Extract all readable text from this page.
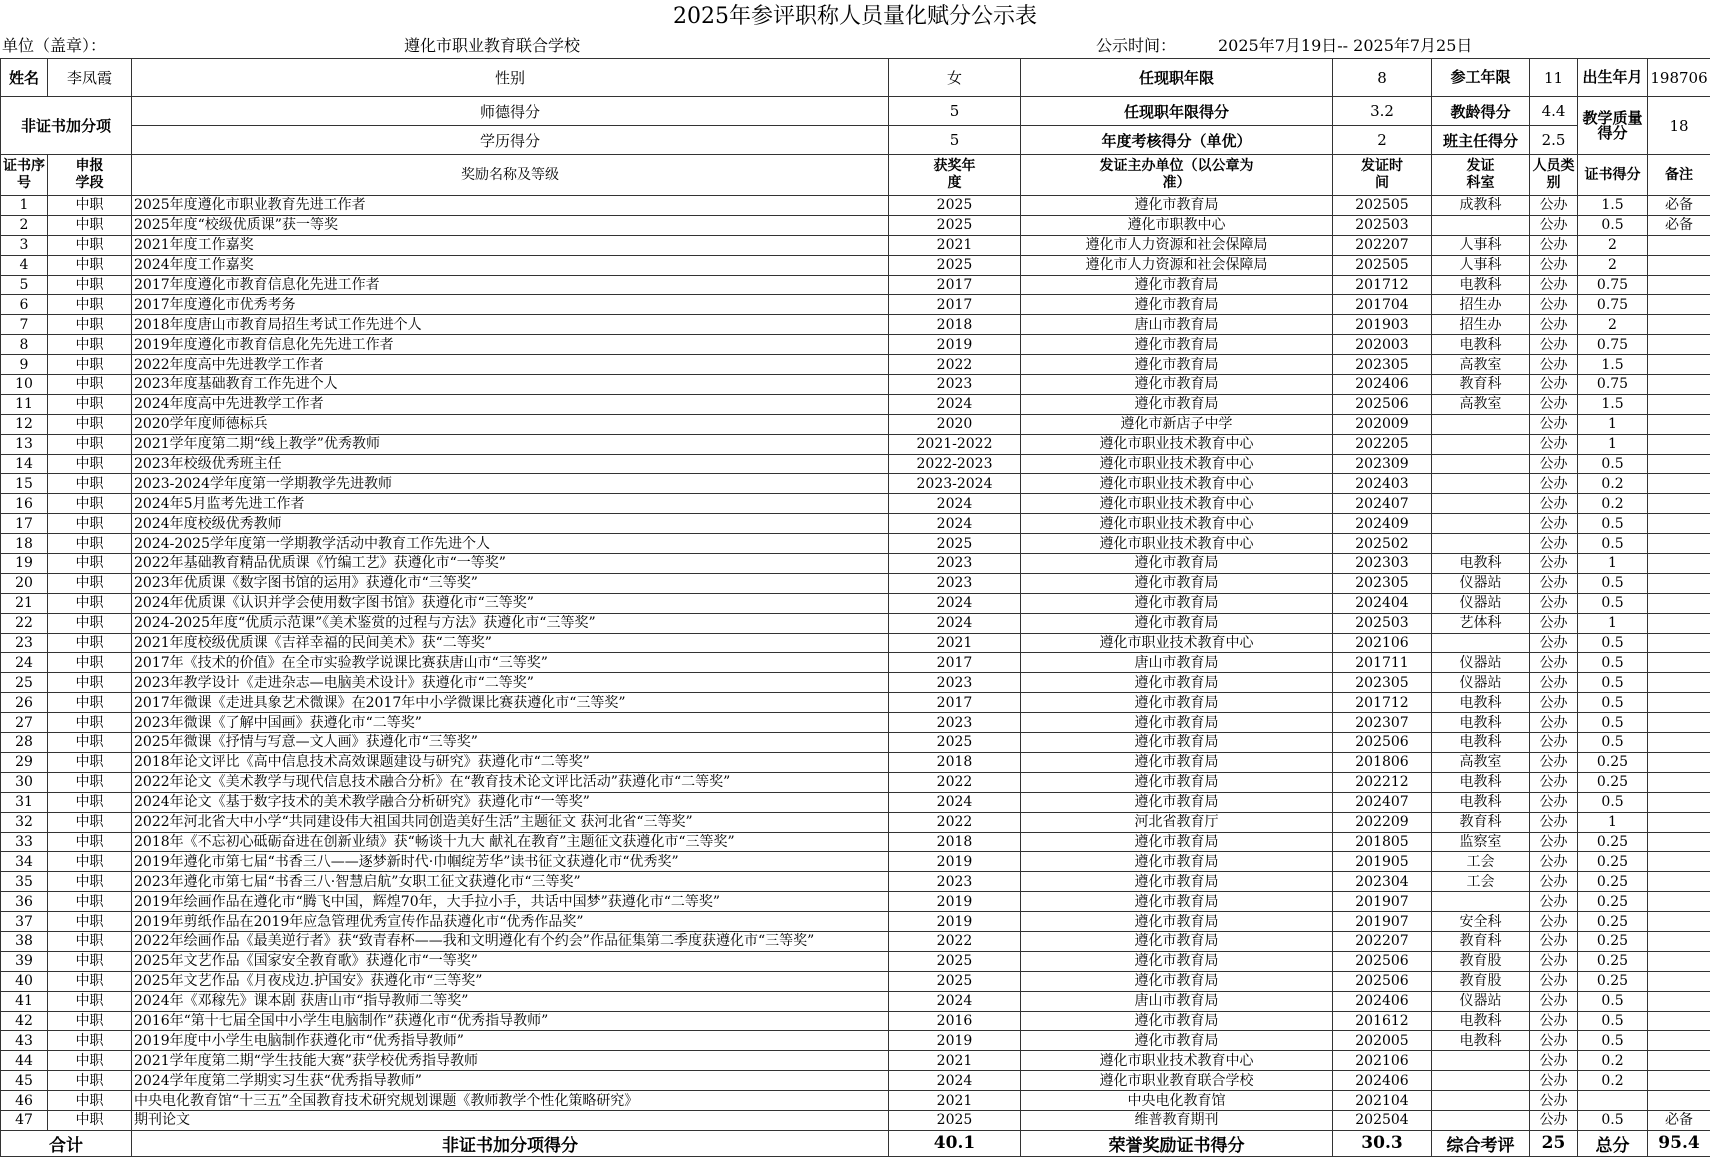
2025年参评职称人员量化赋分公示表
单位（盖章）：	遵化市职业教育联合学校	公示时间：	2025年7月19日-- 2025年7月25日
姓名	李凤霞	性别	女	任现职年限	8	参工年限	11	出生年月	198706
非证书加分项		师德得分	5	任现职年限得分	3.2	教龄得分	4.4	教学质量得分	18
		学历得分	5	年度考核得分（单优）	2	班主任得分	2.5		
证书序号	申报学段	奖励名称及等级	获奖年度	发证主办单位（以公章为准）	发证时间	发证科室	人员类别	证书得分	备注
1	中职	2025年度遵化市职业教育先进工作者	2025	遵化市教育局	202505	成教科	公办	1.5	必备
2	中职	2025年度“校级优质课”获一等奖	2025	遵化市职教中心	202503		公办	0.5	必备
3	中职	2021年度工作嘉奖	2021	遵化市人力资源和社会保障局	202207	人事科	公办	2	
4	中职	2024年度工作嘉奖	2025	遵化市人力资源和社会保障局	202505	人事科	公办	2	
5	中职	2017年度遵化市教育信息化先进工作者	2017	遵化市教育局	201712	电教科	公办	0.75	
6	中职	2017年度遵化市优秀考务	2017	遵化市教育局	201704	招生办	公办	0.75	
7	中职	2018年度唐山市教育局招生考试工作先进个人	2018	唐山市教育局	201903	招生办	公办	2	
8	中职	2019年度遵化市教育信息化先先进工作者	2019	遵化市教育局	202003	电教科	公办	0.75	
9	中职	2022年度高中先进教学工作者	2022	遵化市教育局	202305	高教室	公办	1.5	
10	中职	2023年度基础教育工作先进个人	2023	遵化市教育局	202406	教育科	公办	0.75	
11	中职	2024年度高中先进教学工作者	2024	遵化市教育局	202506	高教室	公办	1.5	
12	中职	2020学年度师德标兵	2020	遵化市新店子中学	202009		公办	1	
13	中职	2021学年度第二期“线上教学”优秀教师	2021-2022	遵化市职业技术教育中心	202205		公办	1	
14	中职	2023年校级优秀班主任	2022-2023	遵化市职业技术教育中心	202309		公办	0.5	
15	中职	2023-2024学年度第一学期教学先进教师	2023-2024	遵化市职业技术教育中心	202403		公办	0.2	
16	中职	2024年5月监考先进工作者	2024	遵化市职业技术教育中心	202407		公办	0.2	
17	中职	2024年度校级优秀教师	2024	遵化市职业技术教育中心	202409		公办	0.5	
18	中职	2024-2025学年度第一学期教学活动中教育工作先进个人	2025	遵化市职业技术教育中心	202502		公办	0.5	
19	中职	2022年基础教育精品优质课《竹编工艺》获遵化市“一等奖”	2023	遵化市教育局	202303	电教科	公办	1	
20	中职	2023年优质课《数字图书馆的运用》获遵化市“三等奖”	2023	遵化市教育局	202305	仪器站	公办	0.5	
21	中职	2024年优质课《认识并学会使用数字图书馆》获遵化市“三等奖”	2024	遵化市教育局	202404	仪器站	公办	0.5	
22	中职	2024-2025年度“优质示范课”《美术鉴赏的过程与方法》获遵化市“三等奖”	2024	遵化市教育局	202503	艺体科	公办	1	
23	中职	2021年度校级优质课《吉祥幸福的民间美术》获“二等奖”	2021	遵化市职业技术教育中心	202106		公办	0.5	
24	中职	2017年《技术的价值》在全市实验教学说课比赛获唐山市“三等奖”	2017	唐山市教育局	201711	仪器站	公办	0.5	
25	中职	2023年教学设计《走进杂志—电脑美术设计》获遵化市“二等奖”	2023	遵化市教育局	202305	仪器站	公办	0.5	
26	中职	2017年微课《走进具象艺术微课》在2017年中小学微课比赛获遵化市“三等奖”	2017	遵化市教育局	201712	电教科	公办	0.5	
27	中职	2023年微课《了解中国画》获遵化市“二等奖”	2023	遵化市教育局	202307	电教科	公办	0.5	
28	中职	2025年微课《抒情与写意—文人画》获遵化市“三等奖”	2025	遵化市教育局	202506	电教科	公办	0.5	
29	中职	2018年论文评比《高中信息技术高效课题建设与研究》获遵化市“二等奖”	2018	遵化市教育局	201806	高教室	公办	0.25	
30	中职	2022年论文《美术教学与现代信息技术融合分析》在“教育技术论文评比活动”获遵化市“二等奖”	2022	遵化市教育局	202212	电教科	公办	0.25	
31	中职	2024年论文《基于数字技术的美术教学融合分析研究》获遵化市“一等奖”	2024	遵化市教育局	202407	电教科	公办	0.5	
32	中职	2022年河北省大中小学“共同建设伟大祖国共同创造美好生活”主题征文 获河北省“三等奖”	2022	河北省教育厅	202209	教育科	公办	1	
33	中职	2018年《不忘初心砥砺奋进在创新业绩》获“畅谈十九大 献礼在教育”主题征文获遵化市“三等奖”	2018	遵化市教育局	201805	监察室	公办	0.25	
34	中职	2019年遵化市第七届“书香三八——逐梦新时代·巾帼绽芳华”读书征文获遵化市“优秀奖”	2019	遵化市教育局	201905	工会	公办	0.25	
35	中职	2023年遵化市第七届“书香三八·智慧启航”女职工征文获遵化市“三等奖”	2023	遵化市教育局	202304	工会	公办	0.25	
36	中职	2019年绘画作品在遵化市“腾飞中国，辉煌70年，大手拉小手，共话中国梦”获遵化市“二等奖”	2019	遵化市教育局	201907		公办	0.25	
37	中职	2019年剪纸作品在2019年应急管理优秀宣传作品获遵化市“优秀作品奖”	2019	遵化市教育局	201907	安全科	公办	0.25	
38	中职	2022年绘画作品《最美逆行者》获“致青春杯——我和文明遵化有个约会”作品征集第二季度获遵化市“三等奖”	2022	遵化市教育局	202207	教育科	公办	0.25	
39	中职	2025年文艺作品《国家安全教育歌》获遵化市“一等奖”	2025	遵化市教育局	202506	教育股	公办	0.25	
40	中职	2025年文艺作品《月夜戍边.护国安》获遵化市“三等奖”	2025	遵化市教育局	202506	教育股	公办	0.25	
41	中职	2024年《邓稼先》课本剧 获唐山市“指导教师二等奖”	2024	唐山市教育局	202406	仪器站	公办	0.5	
42	中职	2016年“第十七届全国中小学生电脑制作”获遵化市“优秀指导教师”	2016	遵化市教育局	201612	电教科	公办	0.5	
43	中职	2019年度中小学生电脑制作获遵化市“优秀指导教师”	2019	遵化市教育局	202005	电教科	公办	0.5	
44	中职	2021学年度第二期“学生技能大赛”获学校优秀指导教师	2021	遵化市职业技术教育中心	202106		公办	0.2	
45	中职	2024学年度第二学期实习生获“优秀指导教师”	2024	遵化市职业教育联合学校	202406		公办	0.2	
46	中职	中央电化教育馆“十三五”全国教育技术研究规划课题《教师教学个性化策略研究》	2021	中央电化教育馆	202104		公办		
47	中职	期刊论文	2025	维普教育期刊	202504		公办	0.5	必备
合计		非证书加分项得分	40.1	荣誉奖励证书得分	30.3	综合考评	25	总分	95.4
